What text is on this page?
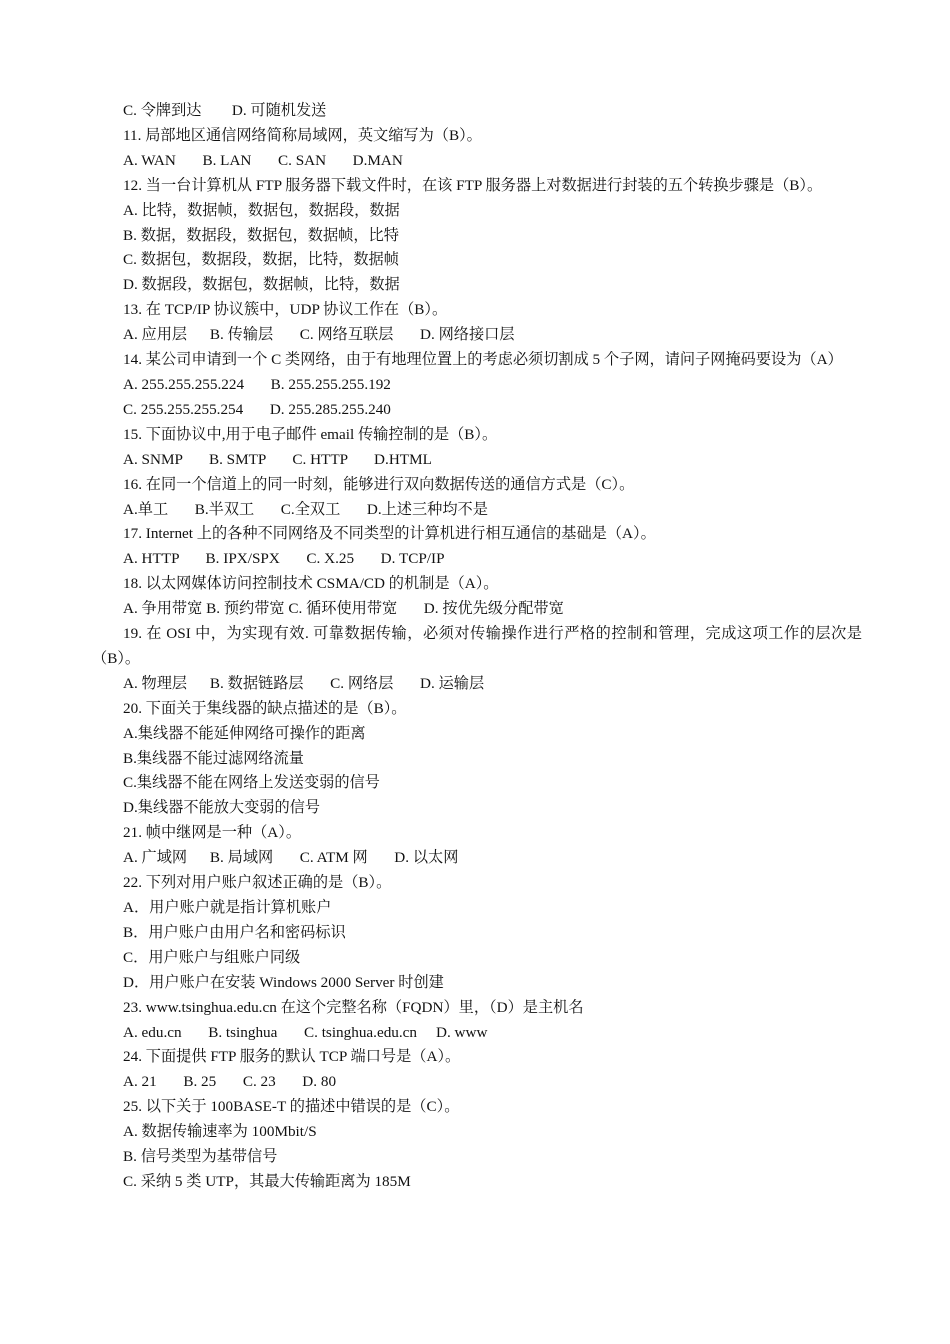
C. 令牌到达        D. 可随机发送

11. 局部地区通信网络简称局域网，英文缩写为（B）。

A. WAN       B. LAN       C. SAN       D.MAN

12. 当一台计算机从 FTP 服务器下载文件时，在该 FTP 服务器上对数据进行封装的五个转换步骤是（B）。

A. 比特，数据帧，数据包，数据段，数据

B. 数据，数据段，数据包，数据帧，比特

C. 数据包，数据段，数据，比特，数据帧

D. 数据段，数据包，数据帧，比特，数据

13. 在 TCP/IP 协议簇中，UDP 协议工作在（B）。

A. 应用层      B. 传输层       C. 网络互联层       D. 网络接口层

14. 某公司申请到一个 C 类网络，由于有地理位置上的考虑必须切割成 5 个子网，请问子网掩码要设为（A）

A. 255.255.255.224       B. 255.255.255.192

C. 255.255.255.254       D. 255.285.255.240

15. 下面协议中,用于电子邮件 email 传输控制的是（B）。

A. SNMP       B. SMTP       C. HTTP       D.HTML

16. 在同一个信道上的同一时刻，能够进行双向数据传送的通信方式是（C）。

A.单工       B.半双工       C.全双工       D.上述三种均不是

17. Internet 上的各种不同网络及不同类型的计算机进行相互通信的基础是（A）。

A. HTTP       B. IPX/SPX       C. X.25       D. TCP/IP

18. 以太网媒体访问控制技术 CSMA/CD 的机制是（A）。

A. 争用带宽 B. 预约带宽 C. 循环使用带宽       D. 按优先级分配带宽

19. 在 OSI 中，为实现有效. 可靠数据传输，必须对传输操作进行严格的控制和管理，完成这项工作的层次是（B）。

A. 物理层      B. 数据链路层       C. 网络层       D. 运输层

20. 下面关于集线器的缺点描述的是（B）。

A.集线器不能延伸网络可操作的距离

B.集线器不能过滤网络流量

C.集线器不能在网络上发送变弱的信号

D.集线器不能放大变弱的信号

21. 帧中继网是一种（A）。

A. 广域网      B. 局域网       C. ATM 网       D. 以太网

22. 下列对用户账户叙述正确的是（B）。

A．用户账户就是指计算机账户

B．用户账户由用户名和密码标识

C．用户账户与组账户同级

D．用户账户在安装 Windows 2000 Server 时创建

23. www.tsinghua.edu.cn 在这个完整名称（FQDN）里，（D）是主机名

A. edu.cn       B. tsinghua       C. tsinghua.edu.cn     D. www

24. 下面提供 FTP 服务的默认 TCP 端口号是（A）。

A. 21       B. 25       C. 23       D. 80

25. 以下关于 100BASE-T 的描述中错误的是（C）。

A. 数据传输速率为 100Mbit/S

B. 信号类型为基带信号

C. 采纳 5 类 UTP，其最大传输距离为 185M
